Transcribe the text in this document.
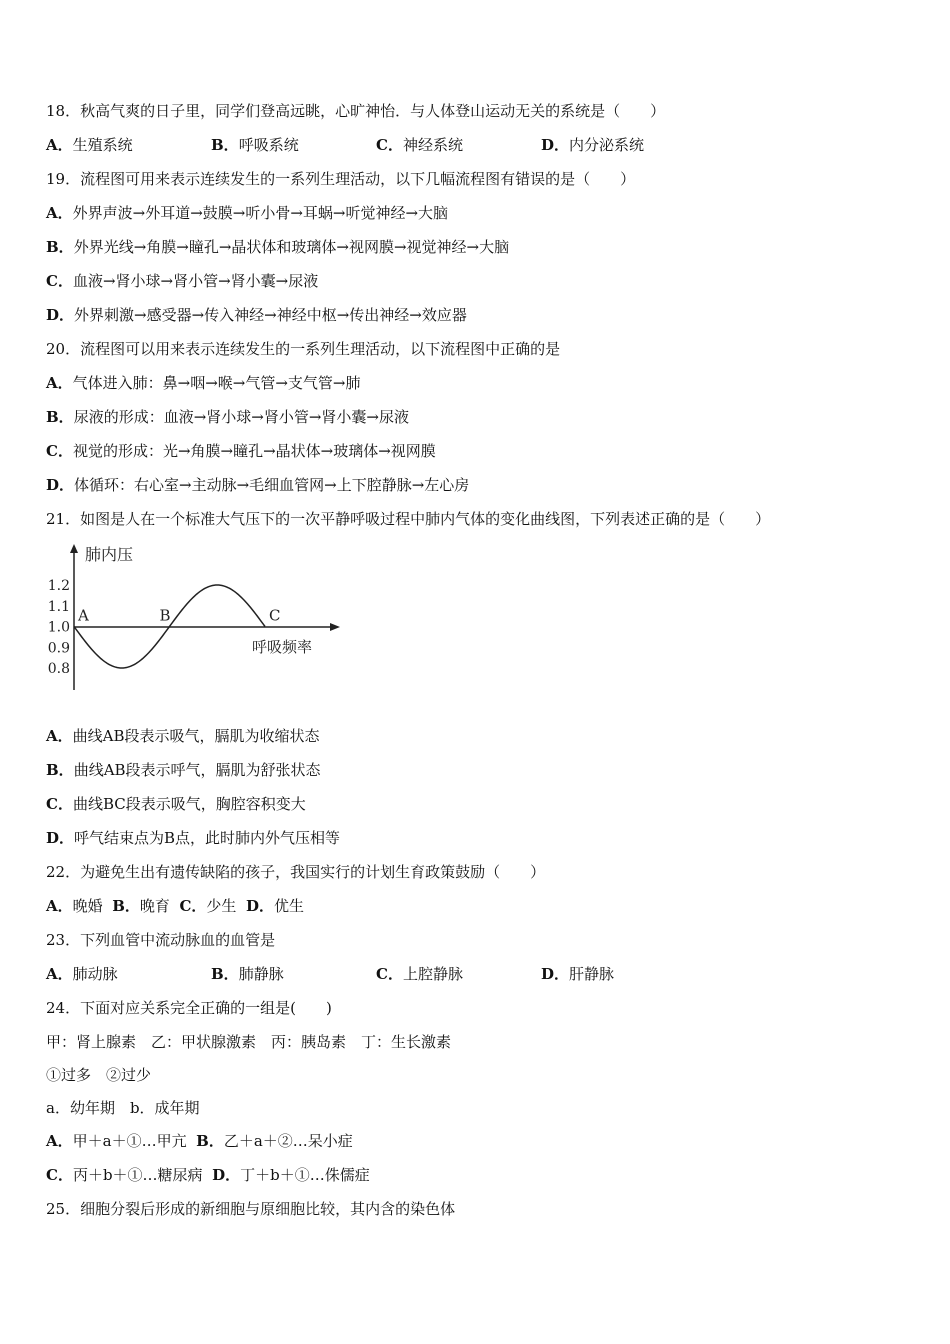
18．秋高气爽的日子里，同学们登高远眺，心旷神怡．与人体登山运动无关的系统是（　　）
A．生殖系统	B．呼吸系统	C．神经系统	D．内分泌系统
19．流程图可用来表示连续发生的一系列生理活动，以下几幅流程图有错误的是（　　）
A．外界声波→外耳道→鼓膜→听小骨→耳蜗→听觉神经→大脑
B．外界光线→角膜→瞳孔→晶状体和玻璃体→视网膜→视觉神经→大脑
C．血液→肾小球→肾小管→肾小囊→尿液
D．外界刺激→感受器→传入神经→神经中枢→传出神经→效应器
20．流程图可以用来表示连续发生的一系列生理活动，以下流程图中正确的是
A．气体进入肺：鼻→咽→喉→气管→支气管→肺
B．尿液的形成：血液→肾小球→肾小管→肾小囊→尿液
C．视觉的形成：光→角膜→瞳孔→晶状体→玻璃体→视网膜
D．体循环：右心室→主动脉→毛细血管网→上下腔静脉→左心房
21．如图是人在一个标准大气压下的一次平静呼吸过程中肺内气体的变化曲线图，下列表述正确的是（　　）
肺内压
呼吸频率
1.2
1.1
1.0
0.9
0.8
A	B	C
A．曲线AB段表示吸气，膈肌为收缩状态
B．曲线AB段表示呼气，膈肌为舒张状态
C．曲线BC段表示吸气，胸腔容积变大
D．呼气结束点为B点，此时肺内外气压相等
22．为避免生出有遗传缺陷的孩子，我国实行的计划生育政策鼓励（　　）
A．晚婚 B．晚育 C．少生 D．优生
23．下列血管中流动脉血的血管是
A．肺动脉	B．肺静脉	C．上腔静脉	D．肝静脉
24．下面对应关系完全正确的一组是(　　)
甲：肾上腺素　乙：甲状腺激素　丙：胰岛素　丁：生长激素
①过多　②过少
a．幼年期　b．成年期
A．甲＋a＋①…甲亢 B．乙＋a＋②…呆小症
C．丙＋b＋①…糖尿病 D．丁＋b＋①…侏儒症
25．细胞分裂后形成的新细胞与原细胞比较，其内含的染色体
